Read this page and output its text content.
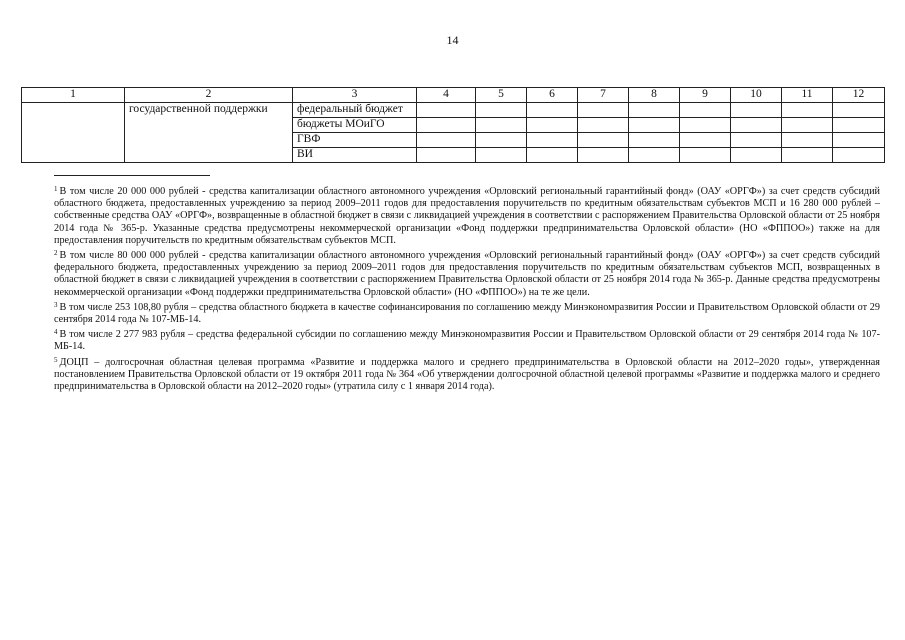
14
1	2	3	4	5	6	7	8	9	10	11	12
	государственной поддержки	федеральный бюджет									
		бюджеты МОиГО									
		ГВФ									
		ВИ									

$^1$ В том числе 20 000 000 рублей - средства капитализации областного автономного учреждения «Орловский региональный гарантийный фонд» (ОАУ «ОРГФ») за счет средств субсидий областного бюджета, предоставленных учреждению за период 2009–2011 годов для предоставления поручительств по кредитным обязательствам субъектов МСП и 16 280 000 рублей – собственные средства ОАУ «ОРГФ», возвращенные в областной бюджет в связи с ликвидацией учреждения в соответствии с распоряжением Правительства Орловской области от 25 ноября 2014 года № 365-р. Указанные средства предусмотрены некоммерческой организации «Фонд поддержки предпринимательства Орловской области» (НО «ФППОО») также на для предоставления поручительств по кредитным обязательствам субъектов МСП.

$^2$ В том числе 80 000 000 рублей - средства капитализации областного автономного учреждения «Орловский региональный гарантийный фонд» (ОАУ «ОРГФ») за счет средств субсидий федерального бюджета, предоставленных учреждению за период 2009–2011 годов для предоставления поручительств по кредитным обязательствам субъектов МСП, возвращенных в областной бюджет в связи с ликвидацией учреждения в соответствии с распоряжением Правительства Орловской области от 25 ноября 2014 года № 365-р. Данные средства предусмотрены некоммерческой организации «Фонд поддержки предпринимательства Орловской области» (НО «ФППОО») на те же цели.

$^3$ В том числе 253 108,80 рубля – средства областного бюджета в качестве софинансирования по соглашению между Минэкономразвития России и Правительством Орловской области от 29 сентября 2014 года № 107-МБ-14.

$^4$ В том числе 2 277 983 рубля – средства федеральной субсидии по соглашению между Минэкономразвития России и Правительством Орловской области от 29 сентября 2014 года № 107-МБ-14.

$^5$ ДОЦП – долгосрочная областная целевая программа «Развитие и поддержка малого и среднего предпринимательства в Орловской области на 2012–2020 годы», утвержденная постановлением Правительства Орловской области от 19 октября 2011 года № 364 «Об утверждении долгосрочной областной целевой программы «Развитие и поддержка малого и среднего предпринимательства в Орловской области на 2012–2020 годы» (утратила силу с 1 января 2014 года).
